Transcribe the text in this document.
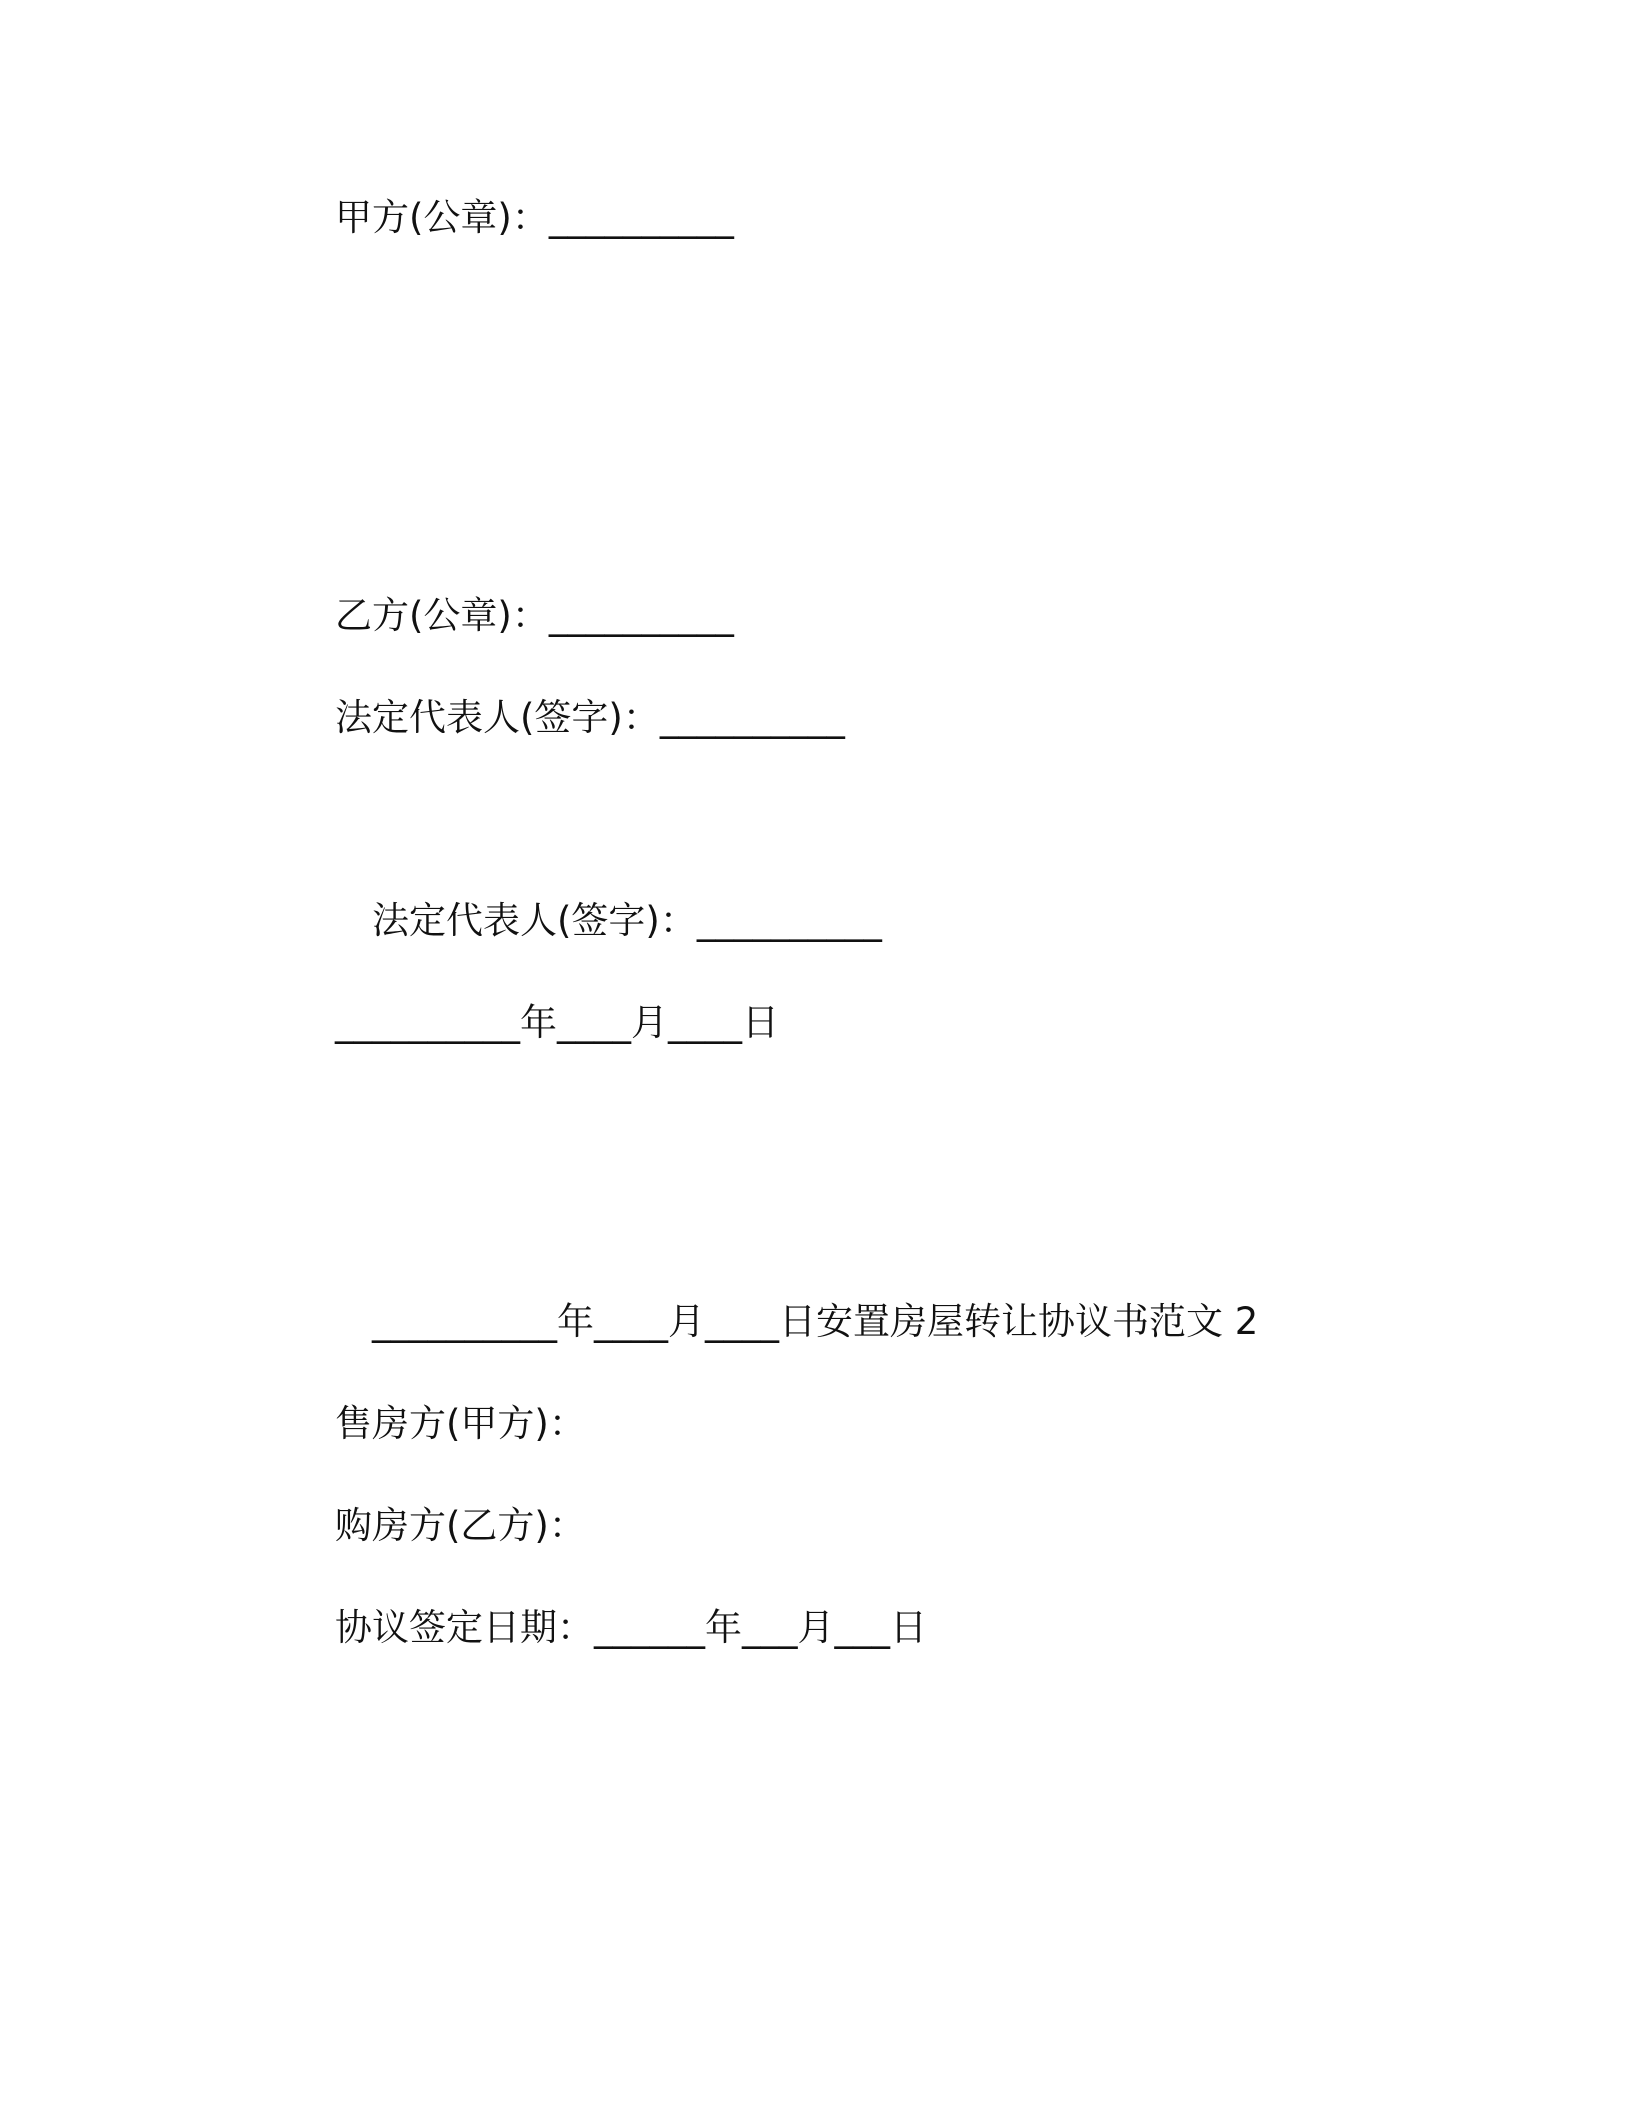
甲方(公章)：__________
乙方(公章)：__________
法定代表人(签字)：__________
法定代表人(签字)：__________
__________年____月____日
__________年____月____日安置房屋转让协议书范文 2
售房方(甲方)：
购房方(乙方)：
协议签定日期：______年___月___日
